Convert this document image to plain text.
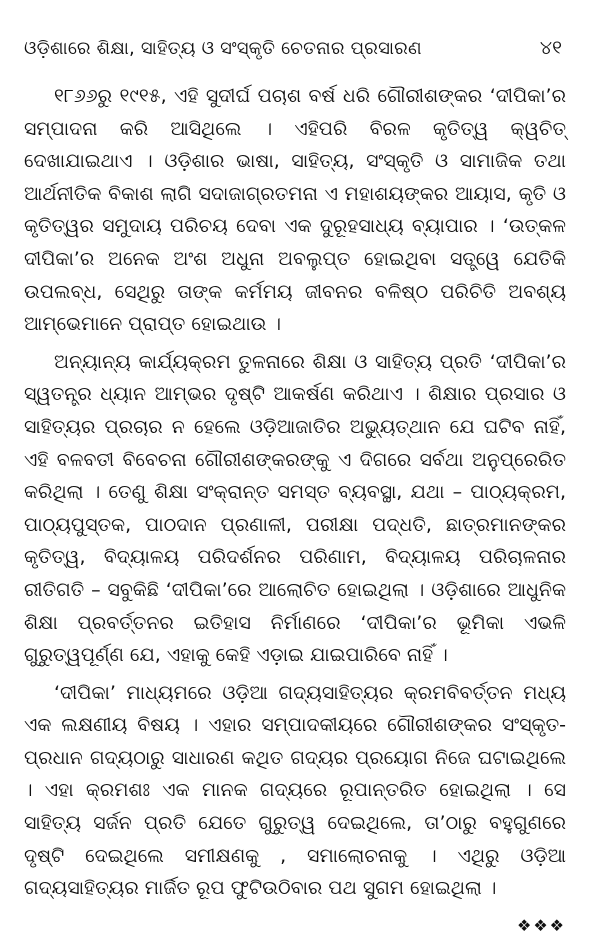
ଓଡ଼ିଶାରେ ଶିକ୍ଷା, ସାହିତ୍ୟ ଓ ସଂସ୍କୃତି ଚେତନାର ପ୍ରସାରଣ	୪୧

୧୮୬୬ରୁ ୧୯୧୫, ଏହି ସୁଦୀର୍ଘ ପଚାଶ ବର୍ଷ ଧରି ଗୌରୀଶଙ୍କର ‘ଦୀପିକା’ର ସମ୍ପାଦନା କରି ଆସିଥିଲେ । ଏହିପରି ବିରଳ କୃତିତ୍ୱ କ୍ୱଚିତ୍ ଦେଖାଯାଇଥାଏ । ଓଡ଼ିଶାର ଭାଷା, ସାହିତ୍ୟ, ସଂସ୍କୃତି ଓ ସାମାଜିକ ତଥା ଆର୍ଥନୀତିକ ବିକାଶ ଲାଗି ସଦାଜାଗ୍ରତମନା ଏ ମହାଶୟଙ୍କର ଆୟାସ, କୃତି ଓ କୃତିତ୍ୱର ସମୁଦାୟ ପରିଚୟ ଦେବା ଏକ ଦୁରୂହସାଧ୍ୟ ବ୍ୟାପାର । ‘ଉତ୍କଳ ଦୀପିକା’ର ଅନେକ ଅଂଶ ଅଧୁନା ଅବଲୁପ୍ତ ହୋଇଥିବା ସତ୍ତ୍ୱେ ଯେତିକି ଉପଲବ୍ଧ, ସେଥିରୁ ତାଙ୍କ କର୍ମମୟ ଜୀବନର ବଳିଷ୍ଠ ପରିଚିତି ଅବଶ୍ୟ ଆମ୍ଭେମାନେ ପ୍ରାପ୍ତ ହୋଇଥାଉ ।

ଅନ୍ୟାନ୍ୟ କାର୍ଯ୍ୟକ୍ରମ ତୁଳନାରେ ଶିକ୍ଷା ଓ ସାହିତ୍ୟ ପ୍ରତି ‘ଦୀପିକା’ର ସ୍ୱତନ୍ତ୍ର ଧ୍ୟାନ ଆମ୍ଭର ଦୃଷ୍ଟି ଆକର୍ଷଣ କରିଥାଏ । ଶିକ୍ଷାର ପ୍ରସାର ଓ ସାହିତ୍ୟର ପ୍ରଚାର ନ ହେଲେ ଓଡ଼ିଆଜାତିର ଅଭ୍ୟୁତ୍‌ଥାନ ଯେ ଘଟିବ ନାହିଁ, ଏହି ବଳବତୀ ବିବେଚନା ଗୌରୀଶଙ୍କରଙ୍କୁ ଏ ଦିଗରେ ସର୍ବଥା ଅନୁପ୍ରେରିତ କରିଥିଲା । ତେଣୁ ଶିକ୍ଷା ସଂକ୍ରାନ୍ତ ସମସ୍ତ ବ୍ୟବସ୍ଥା, ଯଥା – ପାଠ୍ୟକ୍ରମ, ପାଠ୍ୟପୁସ୍ତକ, ପାଠଦାନ ପ୍ରଣାଳୀ, ପରୀକ୍ଷା ପଦ୍ଧତି, ଛାତ୍ରମାନଙ୍କର କୃତିତ୍ୱ, ବିଦ୍ୟାଳୟ ପରିଦର୍ଶନର ପରିଣାମ, ବିଦ୍ୟାଳୟ ପରିଚାଳନାର ରୀତିଗତି – ସବୁକିଛି ‘ଦୀପିକା’ରେ ଆଲୋଚିତ ହୋଇଥିଲା । ଓଡ଼ିଶାରେ ଆଧୁନିକ ଶିକ୍ଷା ପ୍ରବର୍ତ୍ତନର ଇତିହାସ ନିର୍ମାଣରେ ‘ଦୀପିକା’ର ଭୂମିକା ଏଭଳି ଗୁରୁତ୍ୱପୂର୍ଣ୍ଣ ଯେ, ଏହାକୁ କେହି ଏଡ଼ାଇ ଯାଇପାରିବେ ନାହିଁ ।

‘ଦୀପିକା’ ମାଧ୍ୟମରେ ଓଡ଼ିଆ ଗଦ୍ୟସାହିତ୍ୟର କ୍ରମବିବର୍ତ୍ତନ ମଧ୍ୟ ଏକ ଲକ୍ଷଣୀୟ ବିଷୟ । ଏହାର ସମ୍ପାଦକୀୟରେ ଗୌରୀଶଙ୍କର ସଂସ୍କୃତ-ପ୍ରଧାନ ଗଦ୍ୟଠାରୁ ସାଧାରଣ କଥିତ ଗଦ୍ୟର ପ୍ରୟୋଗ ନିଜେ ଘଟାଇଥିଲେ । ଏହା କ୍ରମଶଃ ଏକ ମାନକ ଗଦ୍ୟରେ ରୂପାନ୍ତରିତ ହୋଇଥିଲା । ସେ ସାହିତ୍ୟ ସର୍ଜନ ପ୍ରତି ଯେତେ ଗୁରୁତ୍ୱ ଦେଇଥିଲେ, ତା’ଠାରୁ ବହୁଗୁଣରେ ଦୃଷ୍ଟି ଦେଇଥିଲେ ସମୀକ୍ଷଣକୁ , ସମାଲୋଚନାକୁ । ଏଥିରୁ ଓଡ଼ିଆ ଗଦ୍ୟସାହିତ୍ୟର ମାର୍ଜିତ ରୂପ ଫୁଟିଉଠିବାର ପଥ ସୁଗମ ହୋଇଥିଲା ।

❖❖❖
